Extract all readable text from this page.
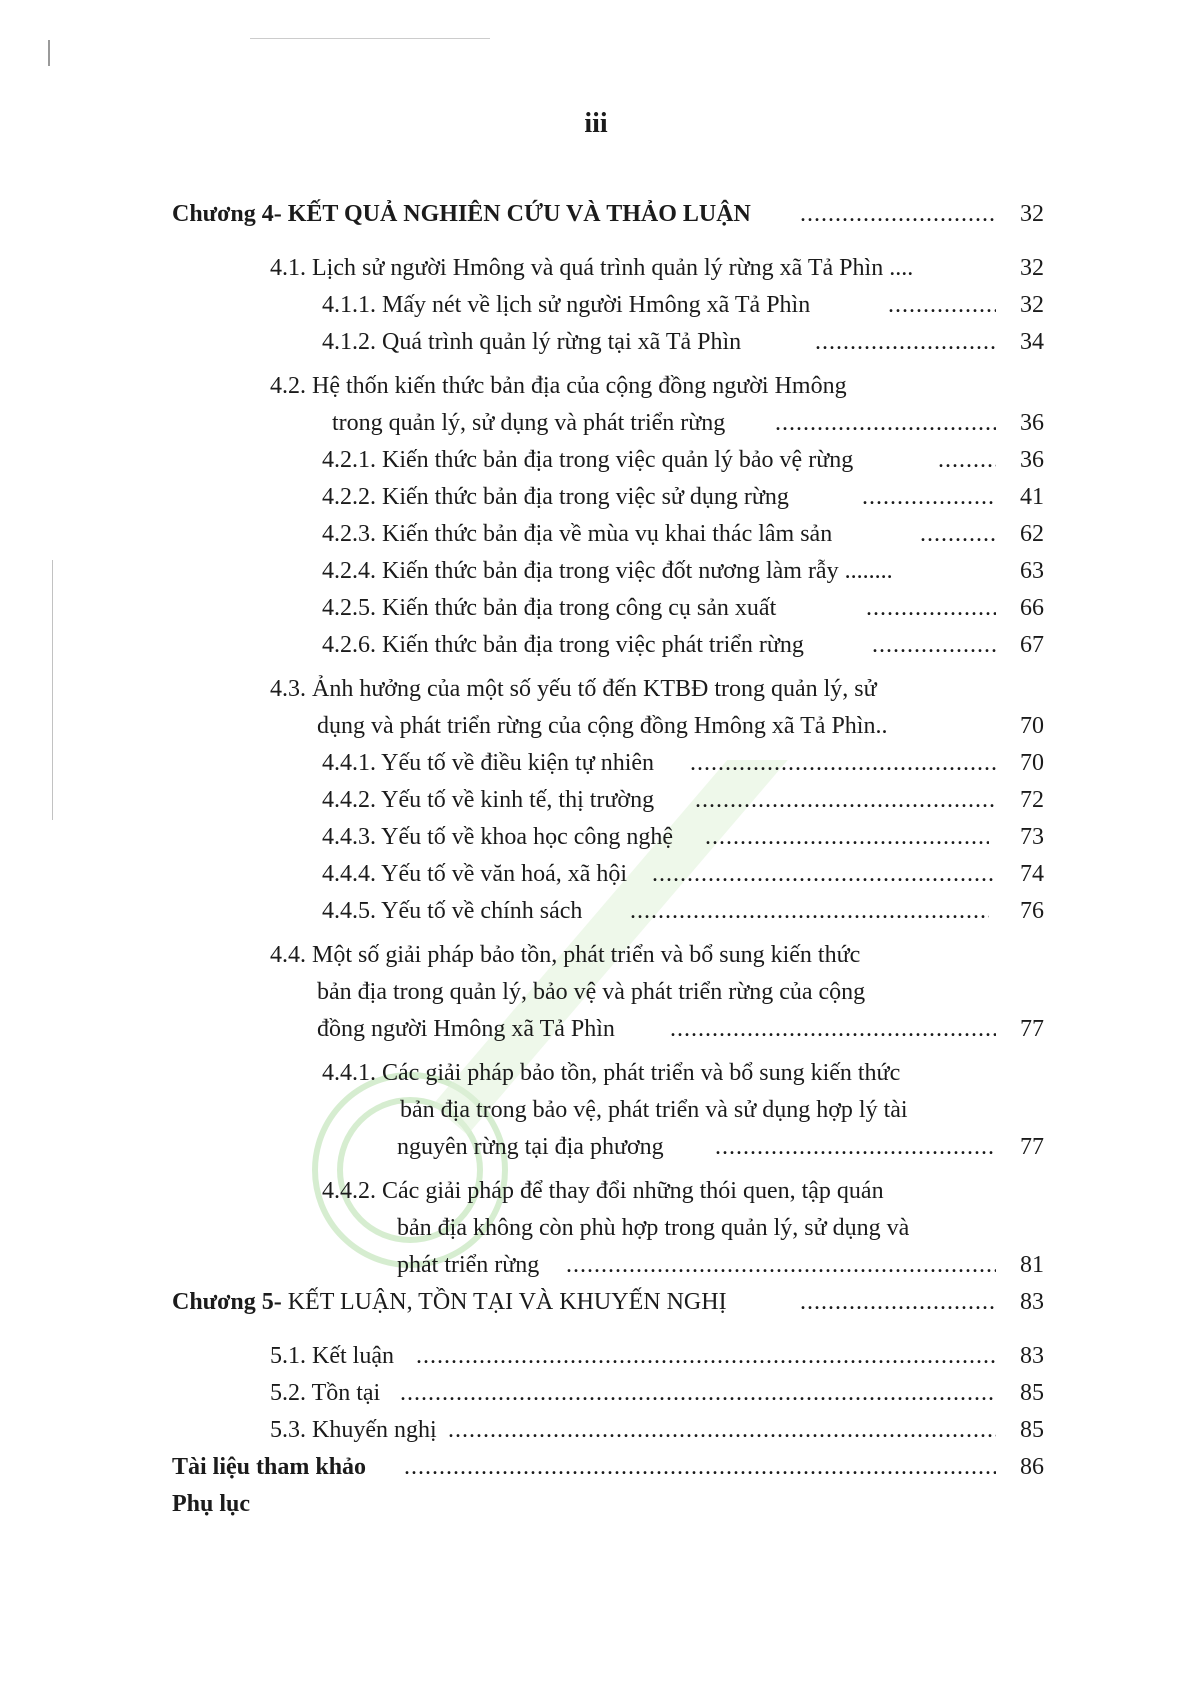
iii
Chương 4- KẾT QUẢ NGHIÊN CỨU VÀ THẢO LUẬN .....	32
4.1. Lịch sử người Hmông và quá trình quản lý rừng xã Tả Phìn ....	32
4.1.1. Mấy nét về lịch sử người Hmông xã Tả Phìn .....	32
4.1.2. Quá trình quản lý rừng tại xã Tả Phìn .....	34
4.2. Hệ thốn kiến thức bản địa của cộng đồng người Hmông
trong quản lý, sử dụng và phát triển rừng .....	36
4.2.1. Kiến thức bản địa trong việc quản lý bảo vệ rừng .....	36
4.2.2. Kiến thức bản địa trong việc sử dụng rừng .....	41
4.2.3. Kiến thức bản địa về mùa vụ khai thác lâm sản .....	62
4.2.4. Kiến thức bản địa trong việc đốt nương làm rẫy ........	63
4.2.5. Kiến thức bản địa trong công cụ sản xuất .....	66
4.2.6. Kiến thức bản địa trong việc phát triển rừng .....	67
4.3. Ảnh hưởng của một số yếu tố đến KTBĐ trong quản lý, sử
dụng và phát triển rừng của cộng đồng Hmông xã Tả Phìn..	70
4.4.1. Yếu tố về điều kiện tự nhiên .....	70
4.4.2. Yếu tố về kinh tế, thị trường .....	72
4.4.3. Yếu tố về khoa học công nghệ .....	73
4.4.4. Yếu tố về văn hoá, xã hội .....	74
4.4.5. Yếu tố về chính sách .....	76
4.4. Một số giải pháp bảo tồn, phát triển và bổ sung kiến thức
bản địa trong quản lý, bảo vệ và phát triển rừng của cộng
đồng người Hmông xã Tả Phìn .....	77
4.4.1. Các giải pháp bảo tồn, phát triển và bổ sung kiến thức
bản địa trong bảo vệ, phát triển và sử dụng hợp lý tài
nguyên rừng tại địa phương .....	77
4.4.2. Các giải pháp để thay đổi những thói quen, tập quán
bản địa không còn phù hợp trong quản lý, sử dụng và
phát triển rừng .....	81
Chương 5- KẾT LUẬN, TỒN TẠI VÀ KHUYẾN NGHỊ .....	83
5.1. Kết luận .....	83
5.2. Tồn tại .....	85
5.3. Khuyến nghị .....	85
Tài liệu tham khảo .....	86
Phụ lục
